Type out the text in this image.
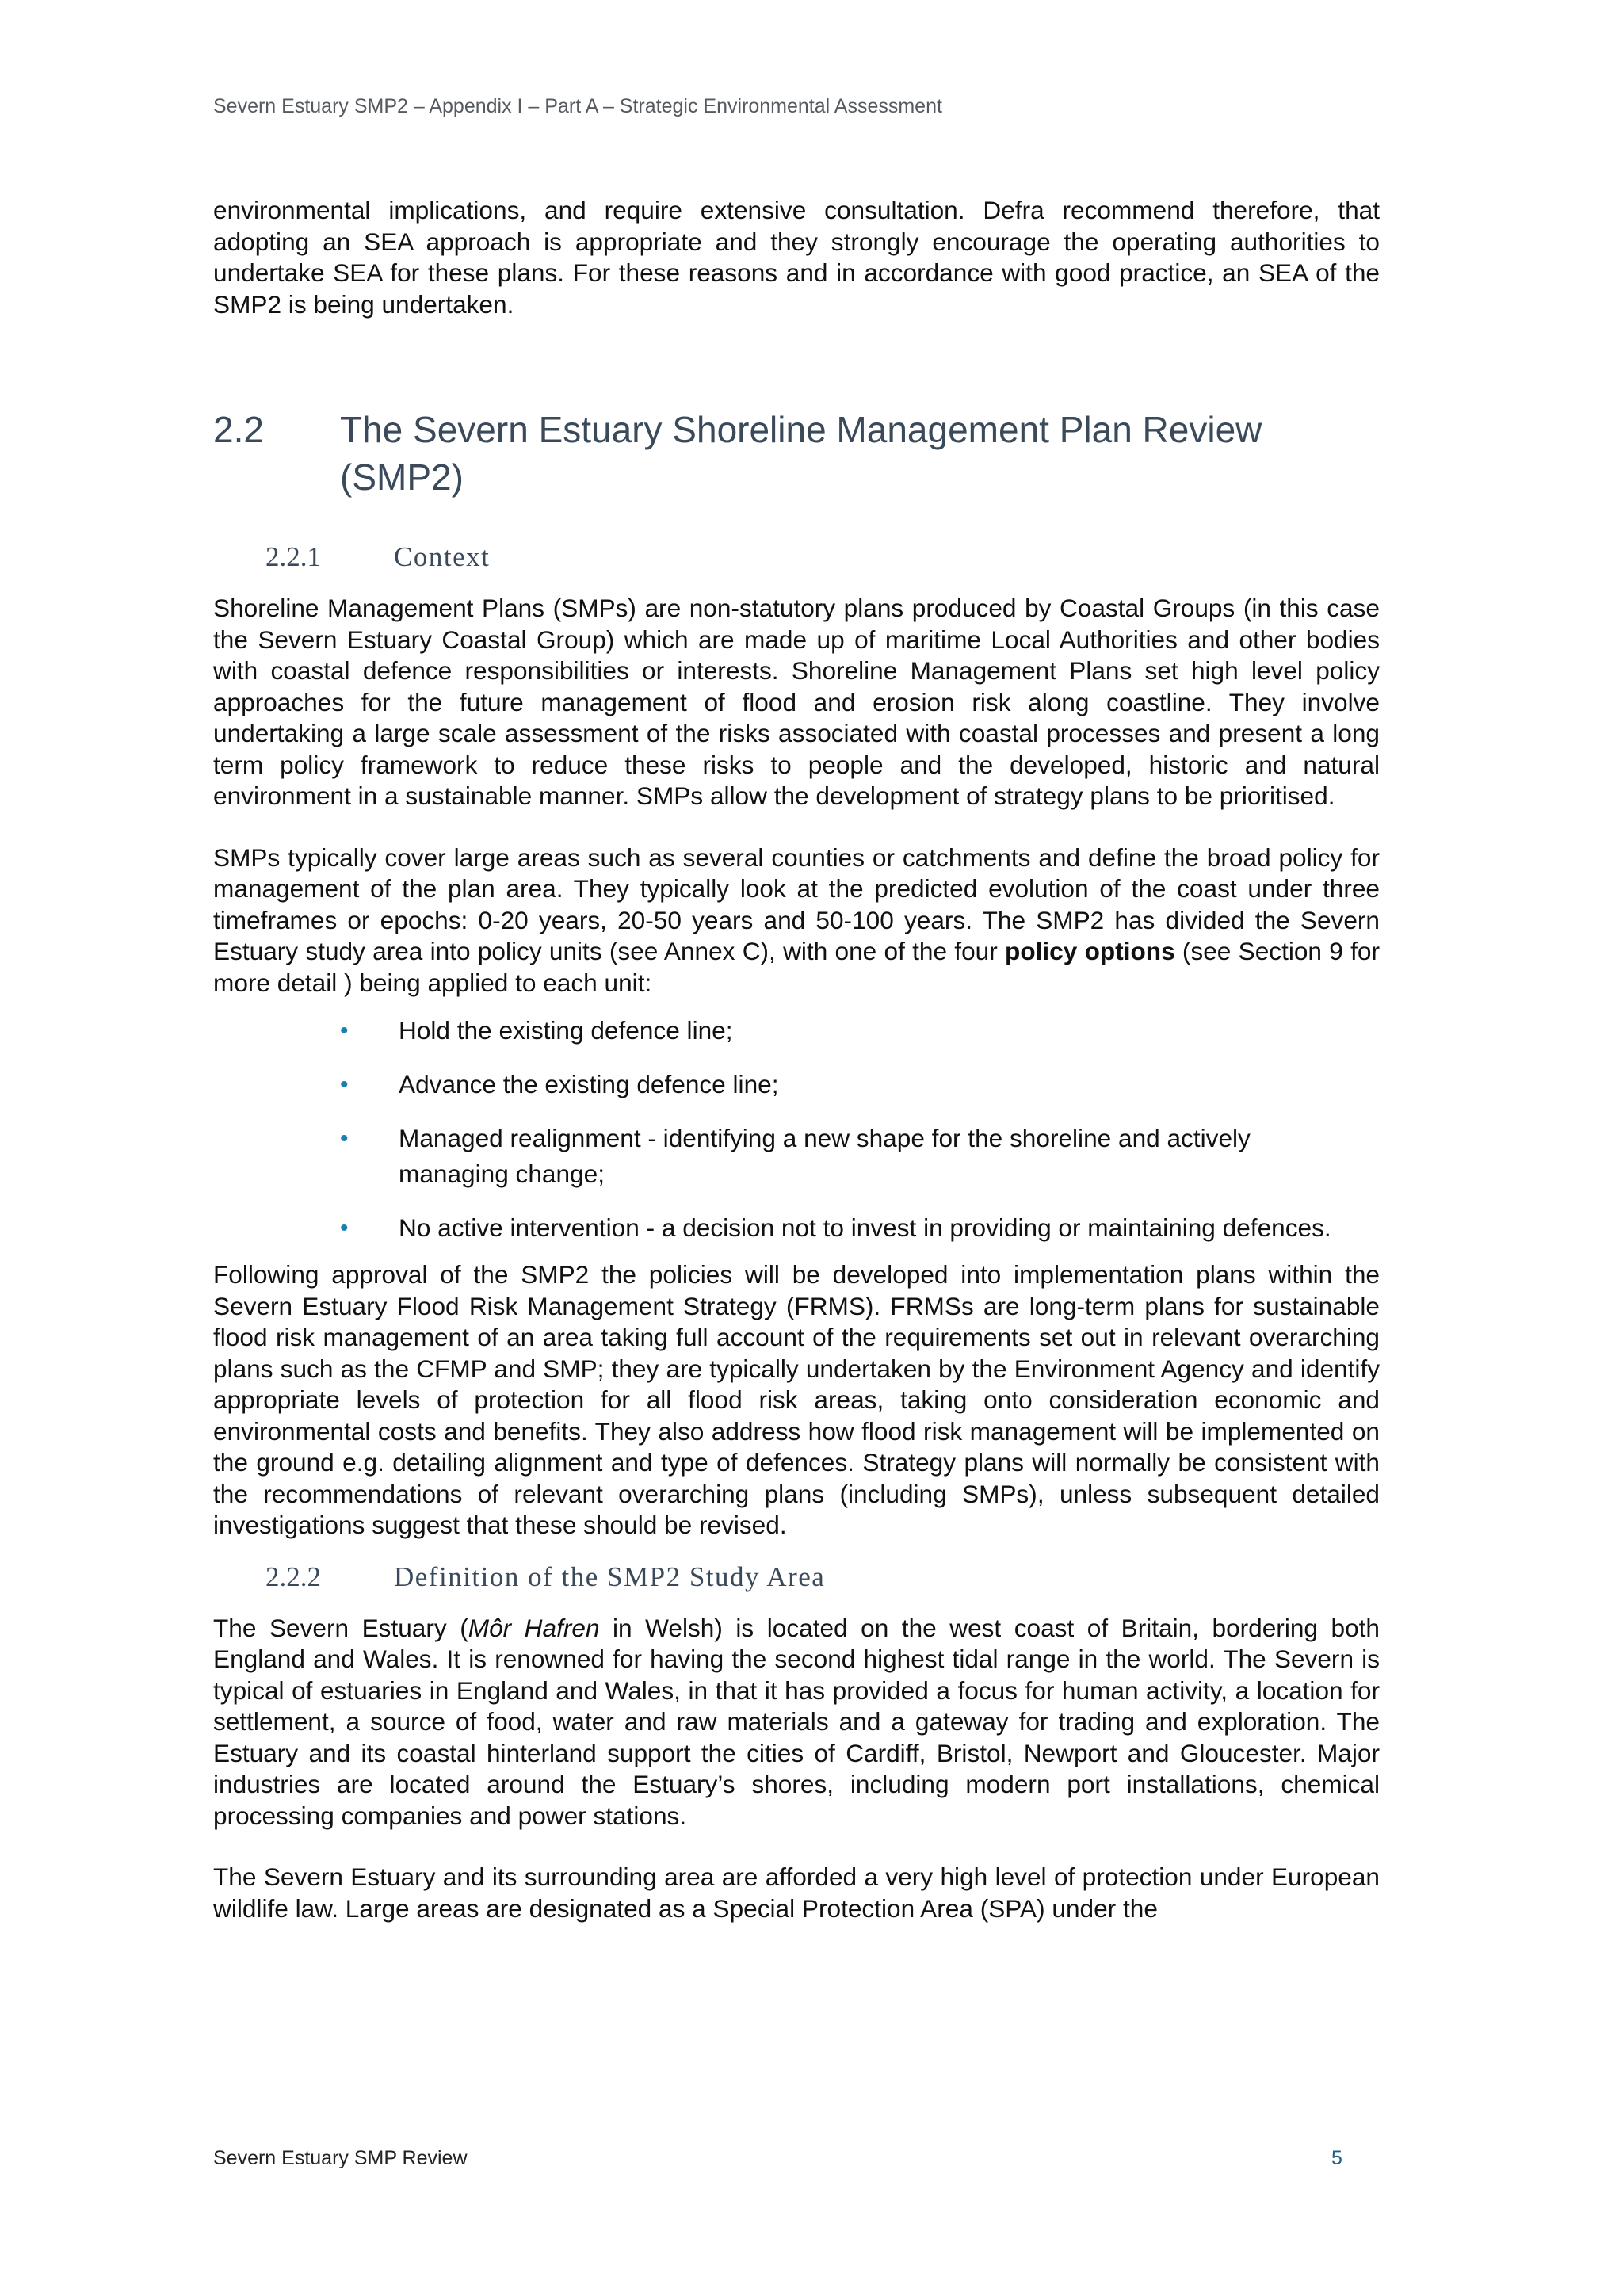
Severn Estuary SMP2 – Appendix I – Part A – Strategic Environmental Assessment

environmental implications, and require extensive consultation. Defra recommend therefore, that adopting an SEA approach is appropriate and they strongly encourage the operating authorities to undertake SEA for these plans. For these reasons and in accordance with good practice, an SEA of the SMP2 is being undertaken.

2.2	The Severn Estuary Shoreline Management Plan Review (SMP2)
2.2.1	Context

Shoreline Management Plans (SMPs) are non-statutory plans produced by Coastal Groups (in this case the Severn Estuary Coastal Group) which are made up of maritime Local Authorities and other bodies with coastal defence responsibilities or interests. Shoreline Management Plans set high level policy approaches for the future management of flood and erosion risk along coastline. They involve undertaking a large scale assessment of the risks associated with coastal processes and present a long term policy framework to reduce these risks to people and the developed, historic and natural environment in a sustainable manner. SMPs allow the development of strategy plans to be prioritised.

SMPs typically cover large areas such as several counties or catchments and define the broad policy for management of the plan area. They typically look at the predicted evolution of the coast under three timeframes or epochs: 0-20 years, 20-50 years and 50-100 years. The SMP2 has divided the Severn Estuary study area into policy units (see Annex C), with one of the four policy options (see Section 9 for more detail ) being applied to each unit:

• Hold the existing defence line;
• Advance the existing defence line;
• Managed realignment - identifying a new shape for the shoreline and actively managing change;
• No active intervention - a decision not to invest in providing or maintaining defences.

Following approval of the SMP2 the policies will be developed into implementation plans within the Severn Estuary Flood Risk Management Strategy (FRMS). FRMSs are long-term plans for sustainable flood risk management of an area taking full account of the requirements set out in relevant overarching plans such as the CFMP and SMP; they are typically undertaken by the Environment Agency and identify appropriate levels of protection for all flood risk areas, taking onto consideration economic and environmental costs and benefits. They also address how flood risk management will be implemented on the ground e.g. detailing alignment and type of defences. Strategy plans will normally be consistent with the recommendations of relevant overarching plans (including SMPs), unless subsequent detailed investigations suggest that these should be revised.

2.2.2	Definition of the SMP2 Study Area

The Severn Estuary (Môr Hafren in Welsh) is located on the west coast of Britain, bordering both England and Wales. It is renowned for having the second highest tidal range in the world. The Severn is typical of estuaries in England and Wales, in that it has provided a focus for human activity, a location for settlement, a source of food, water and raw materials and a gateway for trading and exploration. The Estuary and its coastal hinterland support the cities of Cardiff, Bristol, Newport and Gloucester. Major industries are located around the Estuary’s shores, including modern port installations, chemical processing companies and power stations.

The Severn Estuary and its surrounding area are afforded a very high level of protection under European wildlife law. Large areas are designated as a Special Protection Area (SPA) under the

Severn Estuary SMP Review	5
